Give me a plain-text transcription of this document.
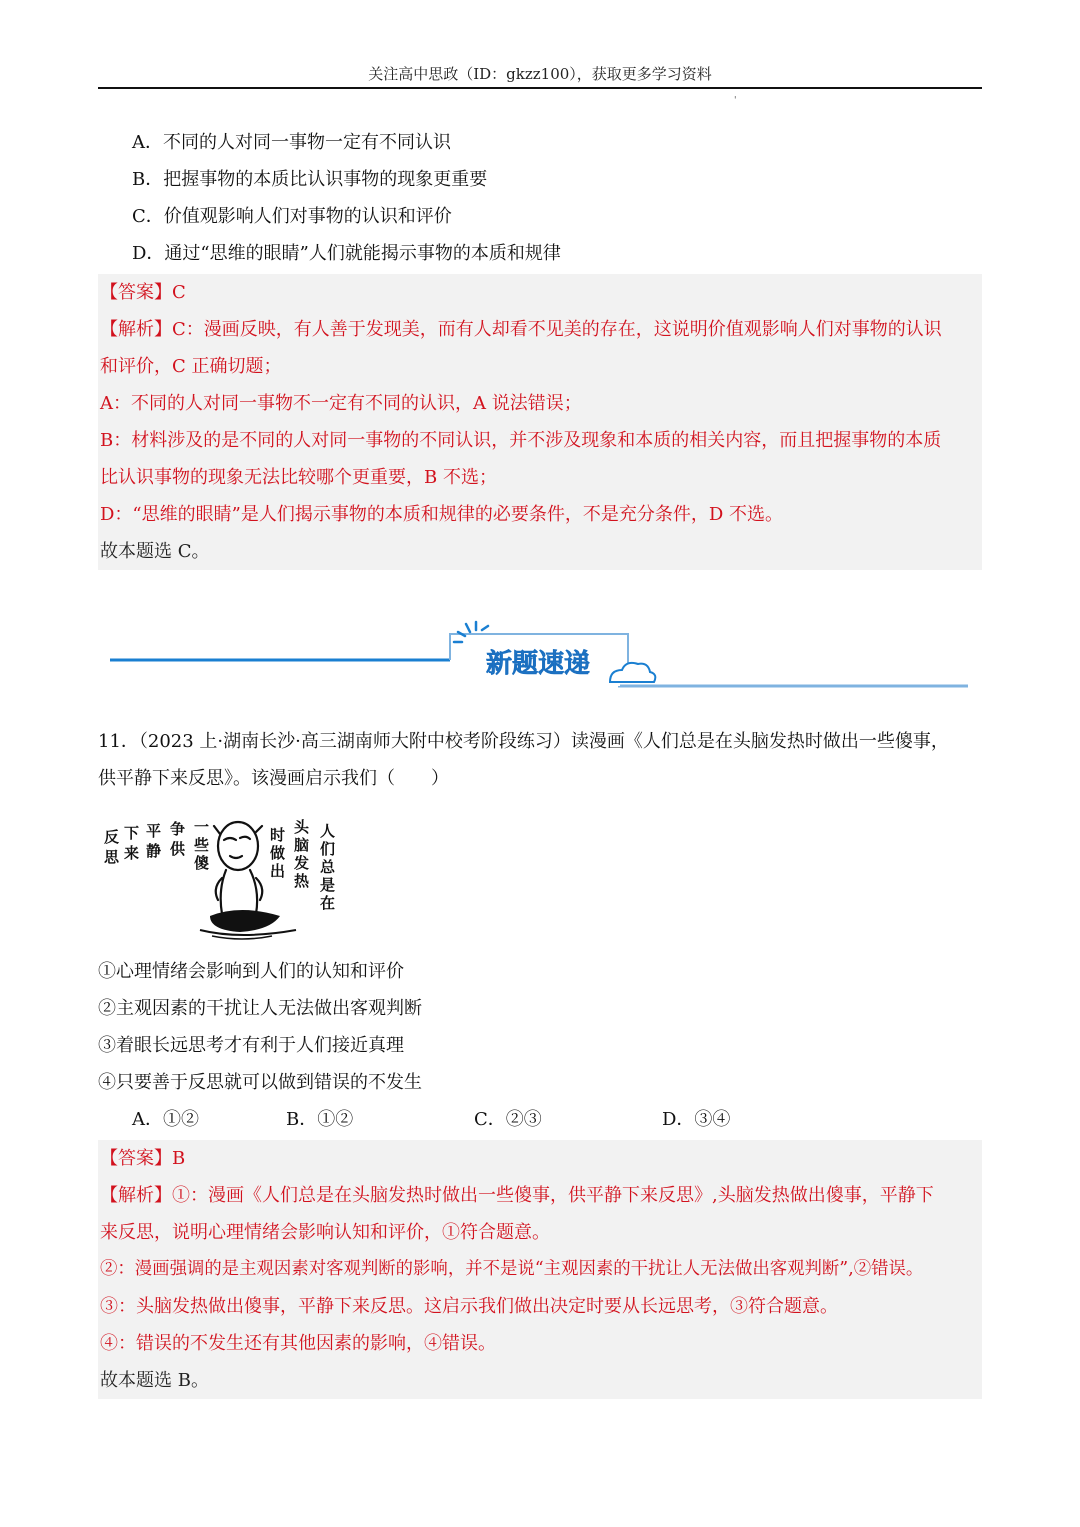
关注高中思政（ID：gkzz100），获取更多学习资料
'
A．不同的人对同一事物一定有不同认识
B．把握事物的本质比认识事物的现象更重要
C．价值观影响人们对事物的认识和评价
D．通过“思维的眼睛”人们就能揭示事物的本质和规律
【答案】C
【解析】C：漫画反映，有人善于发现美，而有人却看不见美的存在，这说明价值观影响人们对事物的认识
和评价，C 正确切题；
A：不同的人对同一事物不一定有不同的认识，A 说法错误；
B：材料涉及的是不同的人对同一事物的不同认识，并不涉及现象和本质的相关内容，而且把握事物的本质
比认识事物的现象无法比较哪个更重要，B 不选；
D：“思维的眼睛”是人们揭示事物的本质和规律的必要条件，不是充分条件，D 不选。
故本题选 C。
新题速递
11．（2023 上·湖南长沙·高三湖南师大附中校考阶段练习）读漫画《人们总是在头脑发热时做出一些傻事，
供平静下来反思》。该漫画启示我们（　　）
反
思
下
来
平
静
争
供
一
些
傻
时
做
出
头
脑
发
热
人
们
总
是
在
①心理情绪会影响到人们的认知和评价
②主观因素的干扰让人无法做出客观判断
③着眼长远思考才有利于人们接近真理
④只要善于反思就可以做到错误的不发生
A．①②	B．①②	C．②③	D．③④
【答案】B
【解析】①：漫画《人们总是在头脑发热时做出一些傻事，供平静下来反思》,头脑发热做出傻事，平静下
来反思，说明心理情绪会影响认知和评价，①符合题意。
②：漫画强调的是主观因素对客观判断的影响，并不是说“主观因素的干扰让人无法做出客观判断”,②错误。
③：头脑发热做出傻事，平静下来反思。这启示我们做出决定时要从长远思考，③符合题意。
④：错误的不发生还有其他因素的影响，④错误。
故本题选 B。
